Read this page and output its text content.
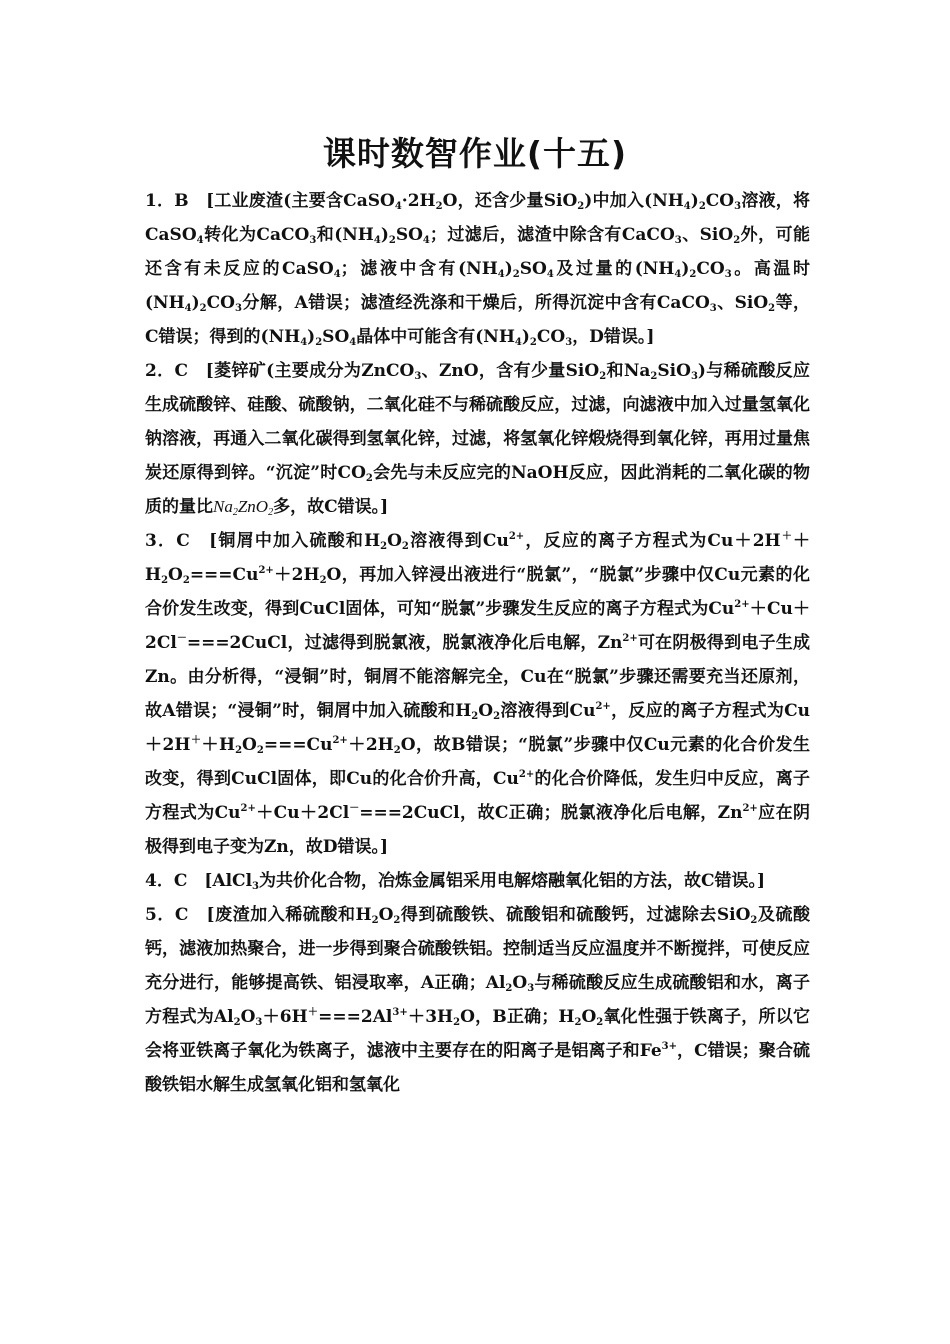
课时数智作业(十五)

1．B　[工业废渣(主要含$CaSO_4\cdot 2H_2O$，还含少量SiO$_2$)中加入$(NH_4)_2CO_3$溶液，将CaSO$_4$转化为CaCO$_3$和$(NH_4)_2SO_4$；过滤后，滤渣中除含有CaCO$_3$、SiO$_2$外，可能还含有未反应的CaSO$_4$；滤液中含有$(NH_4)_2SO_4$及过量的$(NH_4)_2CO_3$。高温时$(NH_4)_2CO_3$分解，A错误；滤渣经洗涤和干燥后，所得沉淀中含有CaCO$_3$、SiO$_2$等，C错误；得到的$(NH_4)_2SO_4$晶体中可能含有$(NH_4)_2CO_3$，D错误。]

2．C　[菱锌矿(主要成分为ZnCO$_3$、ZnO，含有少量SiO$_2$和$Na_2SiO_3$)与稀硫酸反应生成硫酸锌、硅酸、硫酸钠，二氧化硅不与稀硫酸反应，过滤，向滤液中加入过量氢氧化钠溶液，再通入二氧化碳得到氢氧化锌，过滤，将氢氧化锌煅烧得到氧化锌，再用过量焦炭还原得到锌。“沉淀”时$CO_2$会先与未反应完的NaOH反应，因此消耗的二氧化碳的物质的量比$Na_2ZnO_2$多，故C错误。]

3．C　[铜屑中加入硫酸和$H_2O_2$溶液得到$Cu^{2+}$，反应的离子方程式为$Cu+2H^++H_2O_2===Cu^{2+}+2H_2O$，再加入锌浸出液进行“脱氯”，“脱氯”步骤中仅Cu元素的化合价发生改变，得到CuCl固体，可知“脱氯”步骤发生反应的离子方程式为$Cu^{2+}+Cu+2Cl^-===2CuCl$，过滤得到脱氯液，脱氯液净化后电解，$Zn^{2+}$可在阴极得到电子生成Zn。由分析得，“浸铜”时，铜屑不能溶解完全，Cu在“脱氯”步骤还需要充当还原剂，故A错误；“浸铜”时，铜屑中加入硫酸和$H_2O_2$溶液得到$Cu^{2+}$，反应的离子方程式为$Cu+2H^++H_2O_2===Cu^{2+}+2H_2O$，故B错误；“脱氯”步骤中仅Cu元素的化合价发生改变，得到CuCl固体，即Cu的化合价升高，$Cu^{2+}$的化合价降低，发生归中反应，离子方程式为$Cu^{2+}+Cu+2Cl^-===2CuCl$，故C正确；脱氯液净化后电解，$Zn^{2+}$应在阴极得到电子变为Zn，故D错误。]

4．C　[AlCl$_3$为共价化合物，冶炼金属铝采用电解熔融氧化铝的方法，故C错误。]

5．C　[废渣加入稀硫酸和$H_2O_2$得到硫酸铁、硫酸铝和硫酸钙，过滤除去SiO$_2$及硫酸钙，滤液加热聚合，进一步得到聚合硫酸铁铝。控制适当反应温度并不断搅拌，可使反应充分进行，能够提高铁、铝浸取率，A正确；$Al_2O_3$与稀硫酸反应生成硫酸铝和水，离子方程式为$Al_2O_3+6H^+===2Al^{3+}+3H_2O$，B正确；$H_2O_2$氧化性强于铁离子，所以它会将亚铁离子氧化为铁离子，滤液中主要存在的阳离子是铝离子和$Fe^{3+}$，C错误；聚合硫酸铁铝水解生成氢氧化铝和氢氧化
